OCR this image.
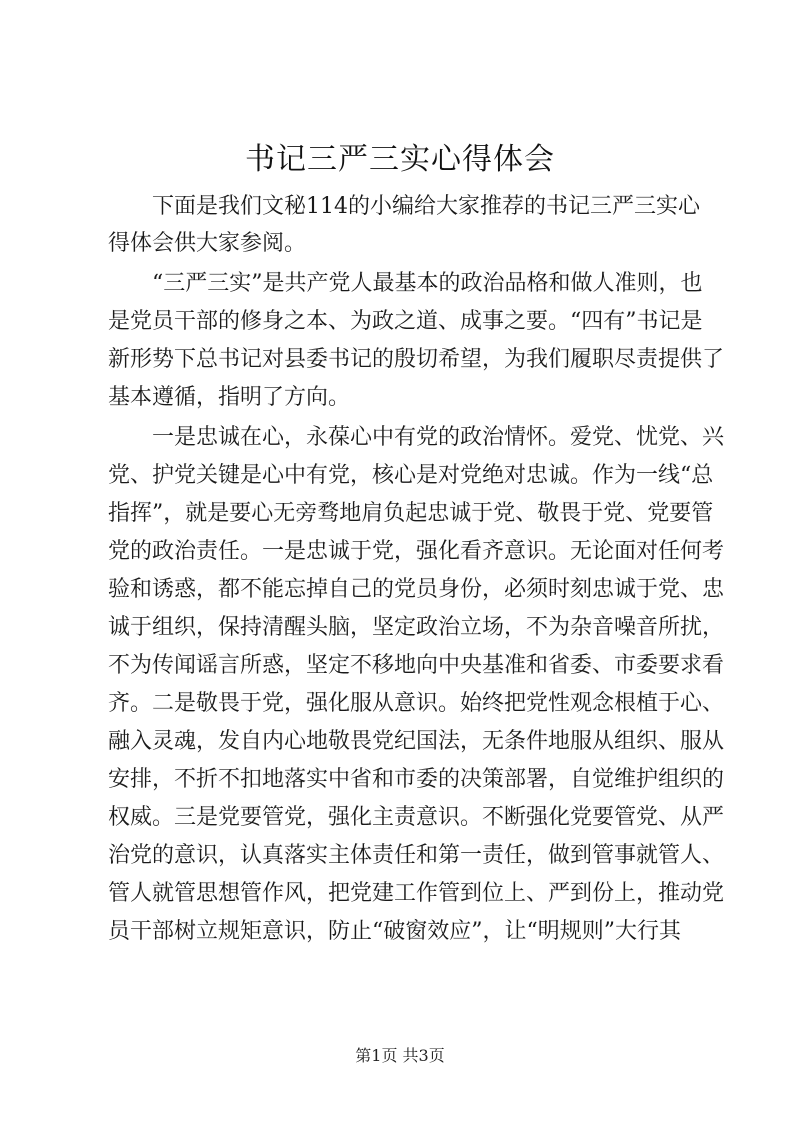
书记三严三实心得体会
　　下面是我们文秘114的小编给大家推荐的书记三严三实心
得体会供大家参阅。
　　“三严三实”是共产党人最基本的政治品格和做人准则，也
是党员干部的修身之本、为政之道、成事之要。“四有”书记是
新形势下总书记对县委书记的殷切希望，为我们履职尽责提供了
基本遵循，指明了方向。
　　一是忠诚在心，永葆心中有党的政治情怀。爱党、忧党、兴
党、护党关键是心中有党，核心是对党绝对忠诚。作为一线“总
指挥”，就是要心无旁骛地肩负起忠诚于党、敬畏于党、党要管
党的政治责任。一是忠诚于党，强化看齐意识。无论面对任何考
验和诱惑，都不能忘掉自己的党员身份，必须时刻忠诚于党、忠
诚于组织，保持清醒头脑，坚定政治立场，不为杂音噪音所扰，
不为传闻谣言所惑，坚定不移地向中央基准和省委、市委要求看
齐。二是敬畏于党，强化服从意识。始终把党性观念根植于心、
融入灵魂，发自内心地敬畏党纪国法，无条件地服从组织、服从
安排，不折不扣地落实中省和市委的决策部署，自觉维护组织的
权威。三是党要管党，强化主责意识。不断强化党要管党、从严
治党的意识，认真落实主体责任和第一责任，做到管事就管人、
管人就管思想管作风，把党建工作管到位上、严到份上，推动党
员干部树立规矩意识，防止“破窗效应”，让“明规则”大行其
第1页 共3页
